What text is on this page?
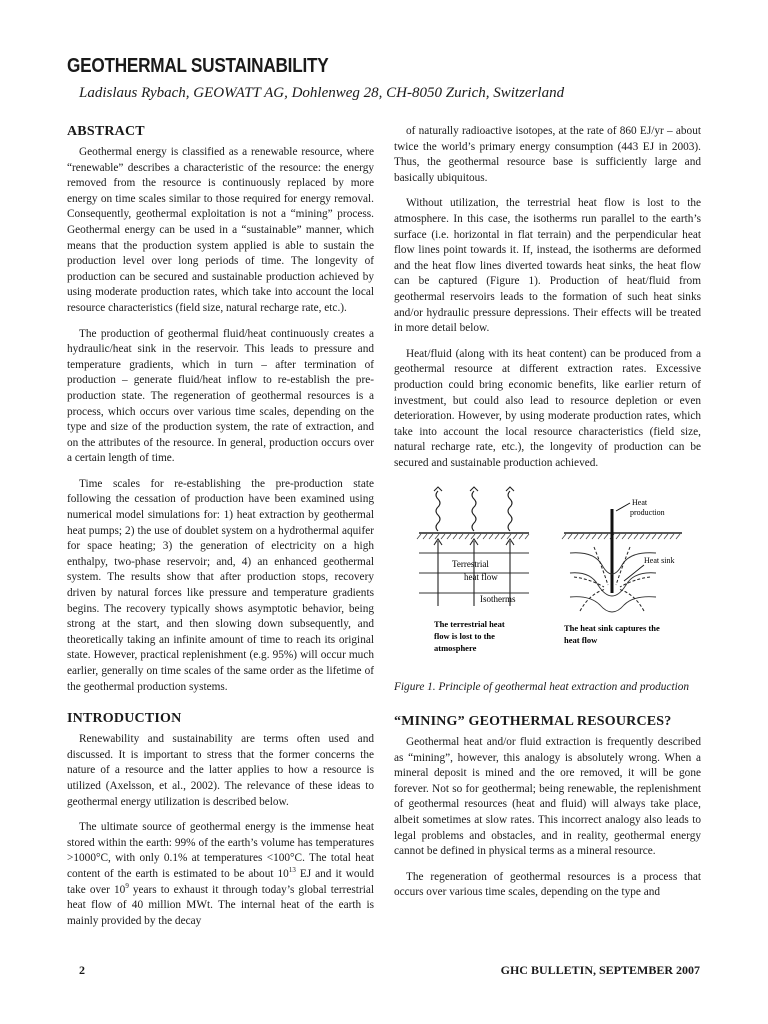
GEOTHERMAL SUSTAINABILITY

Ladislaus Rybach, GEOWATT AG, Dohlenweg 28, CH-8050 Zurich, Switzerland

ABSTRACT

Geothermal energy is classified as a renewable resource, where “renewable” describes a characteristic of the resource: the energy removed from the resource is continuously replaced by more energy on time scales similar to those required for energy removal. Consequently, geothermal exploitation is not a “mining” process. Geothermal energy can be used in a “sustainable” manner, which means that the production system applied is able to sustain the production level over long periods of time. The longevity of production can be secured and sustainable production achieved by using moderate production rates, which take into account the local resource characteristics (field size, natural recharge rate, etc.).

The production of geothermal fluid/heat continuously creates a hydraulic/heat sink in the reservoir. This leads to pressure and temperature gradients, which in turn – after termination of production – generate fluid/heat inflow to re-establish the pre-production state. The regeneration of geothermal resources is a process, which occurs over various time scales, depending on the type and size of the production system, the rate of extraction, and on the attributes of the resource. In general, production occurs over a certain length of time.

Time scales for re-establishing the pre-production state following the cessation of production have been examined using numerical model simulations for: 1) heat extraction by geothermal heat pumps; 2) the use of doublet system on a hydrothermal aquifer for space heating; 3) the generation of electricity on a high enthalpy, two-phase reservoir; and, 4) an enhanced geothermal system. The results show that after production stops, recovery driven by natural forces like pressure and temperature gradients begins. The recovery typically shows asymptotic behavior, being strong at the start, and then slowing down subsequently, and theoretically taking an infinite amount of time to reach its original state. However, practical replenishment (e.g. 95%) will occur much earlier, generally on time scales of the same order as the lifetime of the geothermal production systems.

INTRODUCTION

Renewability and sustainability are terms often used and discussed. It is important to stress that the former concerns the nature of a resource and the latter applies to how a resource is utilized (Axelsson, et al., 2002). The relevance of these ideas to geothermal energy utilization is described below.

The ultimate source of geothermal energy is the immense heat stored within the earth: 99% of the earth’s volume has temperatures >1000°C, with only 0.1% at temperatures <100°C. The total heat content of the earth is estimated to be about $10^{13}$ EJ and it would take over $10^9$ years to exhaust it through today’s global terrestrial heat flow of 40 million MWt. The internal heat of the earth is mainly provided by the decay

of naturally radioactive isotopes, at the rate of 860 EJ/yr – about twice the world’s primary energy consumption (443 EJ in 2003). Thus, the geothermal resource base is sufficiently large and basically ubiquitous.

Without utilization, the terrestrial heat flow is lost to the atmosphere. In this case, the isotherms run parallel to the earth’s surface (i.e. horizontal in flat terrain) and the perpendicular heat flow lines point towards it. If, instead, the isotherms are deformed and the heat flow lines diverted towards heat sinks, the heat flow can be captured (Figure 1). Production of heat/fluid from geothermal reservoirs leads to the formation of such heat sinks and/or hydraulic pressure depressions. Their effects will be treated in more detail below.

Heat/fluid (along with its heat content) can be produced from a geothermal resource at different extraction rates. Excessive production could bring economic benefits, like earlier return of investment, but could also lead to resource depletion or even deterioration. However, by using moderate production rates, which take into account the local resource characteristics (field size, natural recharge rate, etc.), the longevity of production can be secured and sustainable production achieved.

Terrestrial
heat flow
Isotherms
The terrestrial heat
flow is lost to the
atmosphere
Heat
production
Heat sink
The heat sink captures the
heat flow

Figure 1. Principle of geothermal heat extraction and production

“MINING” GEOTHERMAL RESOURCES?

Geothermal heat and/or fluid extraction is frequently described as “mining”, however, this analogy is absolutely wrong. When a mineral deposit is mined and the ore removed, it will be gone forever. Not so for geothermal; being renewable, the replenishment of geothermal resources (heat and fluid) will always take place, albeit sometimes at slow rates. This incorrect analogy also leads to legal problems and obstacles, and in reality, geothermal energy cannot be defined in physical terms as a mineral resource.

The regeneration of geothermal resources is a process that occurs over various time scales, depending on the type and

2	GHC BULLETIN, SEPTEMBER 2007
